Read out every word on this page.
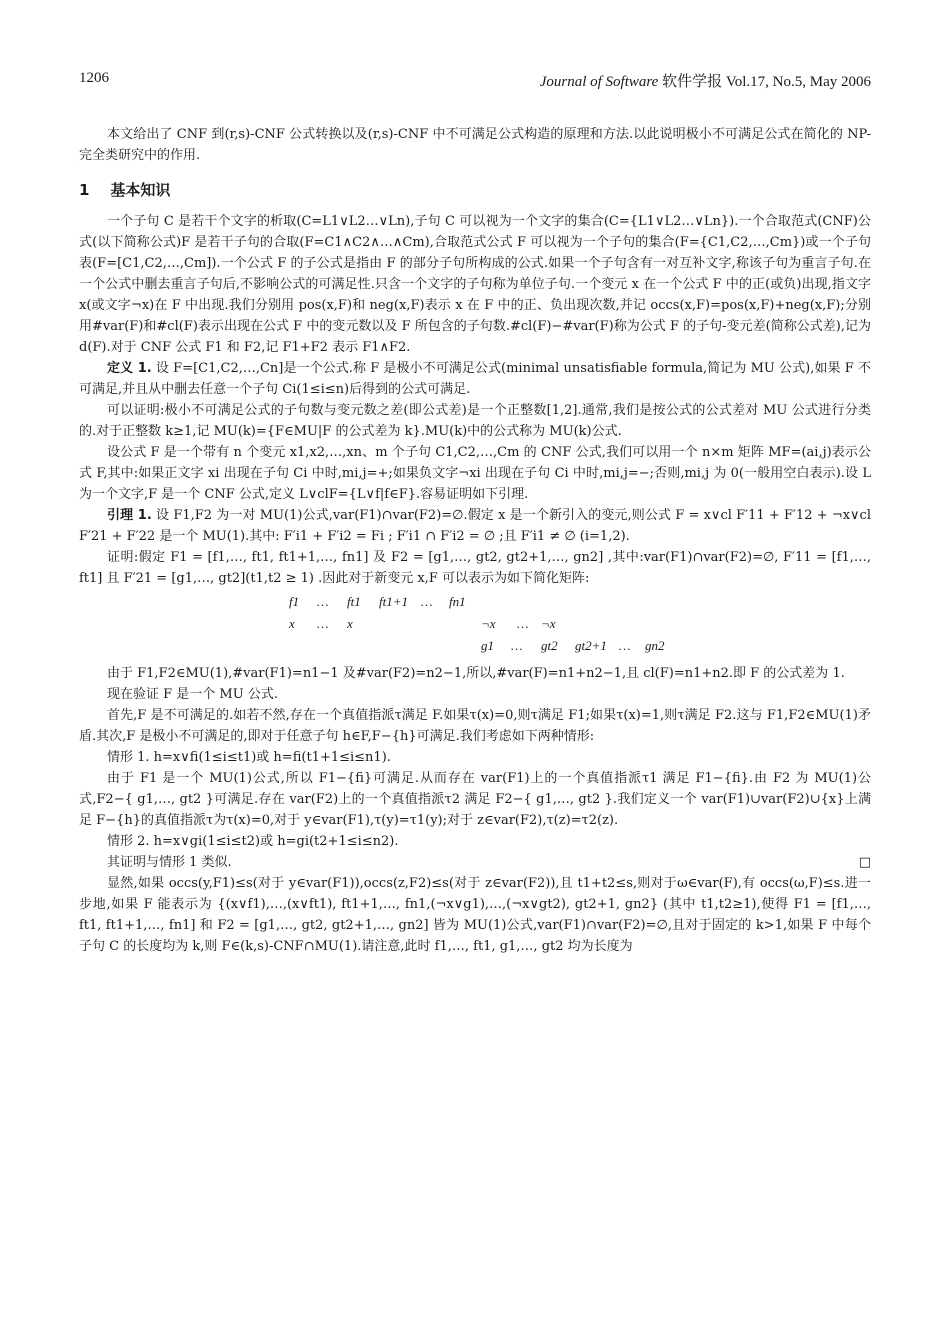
1206	Journal of Software 软件学报 Vol.17, No.5, May 2006

本文给出了 CNF 到(r,s)-CNF 公式转换以及(r,s)-CNF 中不可满足公式构造的原理和方法.以此说明极小不可满足公式在简化的 NP-完全类研究中的作用.

1 基本知识

一个子句 C 是若干个文字的析取(C=L1∨L2…∨Ln),子句 C 可以视为一个文字的集合(C={L1∨L2…∨Ln}).一个合取范式(CNF)公式(以下简称公式)F 是若干子句的合取(F=C1∧C2∧…∧Cm),合取范式公式 F 可以视为一个子句的集合(F={C1,C2,…,Cm})或一个子句表(F=[C1,C2,…,Cm]).一个公式 F 的子公式是指由 F 的部分子句所构成的公式.如果一个子句含有一对互补文字,称该子句为重言子句.在一个公式中删去重言子句后,不影响公式的可满足性.只含一个文字的子句称为单位子句.一个变元 x 在一个公式 F 中的正(或负)出现,指文字 x(或文字¬x)在 F 中出现.我们分别用 pos(x,F)和 neg(x,F)表示 x 在 F 中的正、负出现次数,并记 occs(x,F)=pos(x,F)+neg(x,F);分别用#var(F)和#cl(F)表示出现在公式 F 中的变元数以及 F 所包含的子句数.#cl(F)−#var(F)称为公式 F 的子句-变元差(简称公式差),记为 d(F).对于 CNF 公式 F1 和 F2,记 F1+F2 表示 F1∧F2.

定义 1. 设 F=[C1,C2,…,Cn]是一个公式.称 F 是极小不可满足公式(minimal unsatisfiable formula,简记为 MU 公式),如果 F 不可满足,并且从中删去任意一个子句 Ci(1≤i≤n)后得到的公式可满足.

可以证明:极小不可满足公式的子句数与变元数之差(即公式差)是一个正整数[1,2].通常,我们是按公式的公式差对 MU 公式进行分类的.对于正整数 k≥1,记 MU(k)={F∈MU|F 的公式差为 k}.MU(k)中的公式称为 MU(k)公式.

设公式 F 是一个带有 n 个变元 x1,x2,…,xn、m 个子句 C1,C2,…,Cm 的 CNF 公式,我们可以用一个 n×m 矩阵 MF=(ai,j)表示公式 F,其中:如果正文字 xi 出现在子句 Ci 中时,mi,j=+;如果负文字¬xi 出现在子句 Ci 中时,mi,j=−;否则,mi,j 为 0(一般用空白表示).设 L 为一个文字,F 是一个 CNF 公式,定义 L∨clF={L∨f|f∈F}.容易证明如下引理.

引理 1. 设 F1,F2 为一对 MU(1)公式,var(F1)∩var(F2)=∅.假定 x 是一个新引入的变元,则公式 F = x∨cl F′11 + F′12 + ¬x∨cl F′21 + F′22 是一个 MU(1).其中: F′i1 + F′i2 = Fi ; F′i1 ∩ F′i2 = ∅ ;且 F′i1 ≠ ∅ (i=1,2).

证明:假定 F1 = [f1,…, ft1, ft1+1,…, fn1] 及 F2 = [g1,…, gt2, gt2+1,…, gn2] ,其中:var(F1)∩var(F2)=∅, F′11 = [f1,…, ft1] 且 F′21 = [g1,…, gt2](t1,t2 ≥ 1) .因此对于新变元 x,F 可以表示为如下简化矩阵:

f1 … ft1 ft1+1 … fn1
x … x	¬x … ¬x
g1 … gt2 gt2+1 … gn2

由于 F1,F2∈MU(1),#var(F1)=n1−1 及#var(F2)=n2−1,所以,#var(F)=n1+n2−1,且 cl(F)=n1+n2.即 F 的公式差为 1.

现在验证 F 是一个 MU 公式.

首先,F 是不可满足的.如若不然,存在一个真值指派τ满足 F.如果τ(x)=0,则τ满足 F1;如果τ(x)=1,则τ满足 F2.这与 F1,F2∈MU(1)矛盾.其次,F 是极小不可满足的,即对于任意子句 h∈F,F−{h}可满足.我们考虑如下两种情形:

情形 1. h=x∨fi(1≤i≤t1)或 h=fi(t1+1≤i≤n1).

由于 F1 是一个 MU(1)公式,所以 F1−{fi}可满足.从而存在 var(F1)上的一个真值指派τ1 满足 F1−{fi}.由 F2 为 MU(1)公式,F2−{ g1,…, gt2 }可满足.存在 var(F2)上的一个真值指派τ2 满足 F2−{ g1,…, gt2 }.我们定义一个 var(F1)∪var(F2)∪{x}上满足 F−{h}的真值指派τ为τ(x)=0,对于 y∈var(F1),τ(y)=τ1(y);对于 z∈var(F2),τ(z)=τ2(z).

情形 2. h=x∨gi(1≤i≤t2)或 h=gi(t2+1≤i≤n2).

其证明与情形 1 类似.	□

显然,如果 occs(y,F1)≤s(对于 y∈var(F1)),occs(z,F2)≤s(对于 z∈var(F2)),且 t1+t2≤s,则对于ω∈var(F),有 occs(ω,F)≤s.进一步地,如果 F 能表示为 {(x∨f1),…,(x∨ft1), ft1+1,…, fn1,(¬x∨g1),…,(¬x∨gt2), gt2+1, gn2} (其中 t1,t2≥1),使得 F1 = [f1,…, ft1, ft1+1,…, fn1] 和 F2 = [g1,…, gt2, gt2+1,…, gn2] 皆为 MU(1)公式,var(F1)∩var(F2)=∅,且对于固定的 k>1,如果 F 中每个子句 C 的长度均为 k,则 F∈(k,s)-CNF∩MU(1).请注意,此时 f1,…, ft1, g1,…, gt2 均为长度为
